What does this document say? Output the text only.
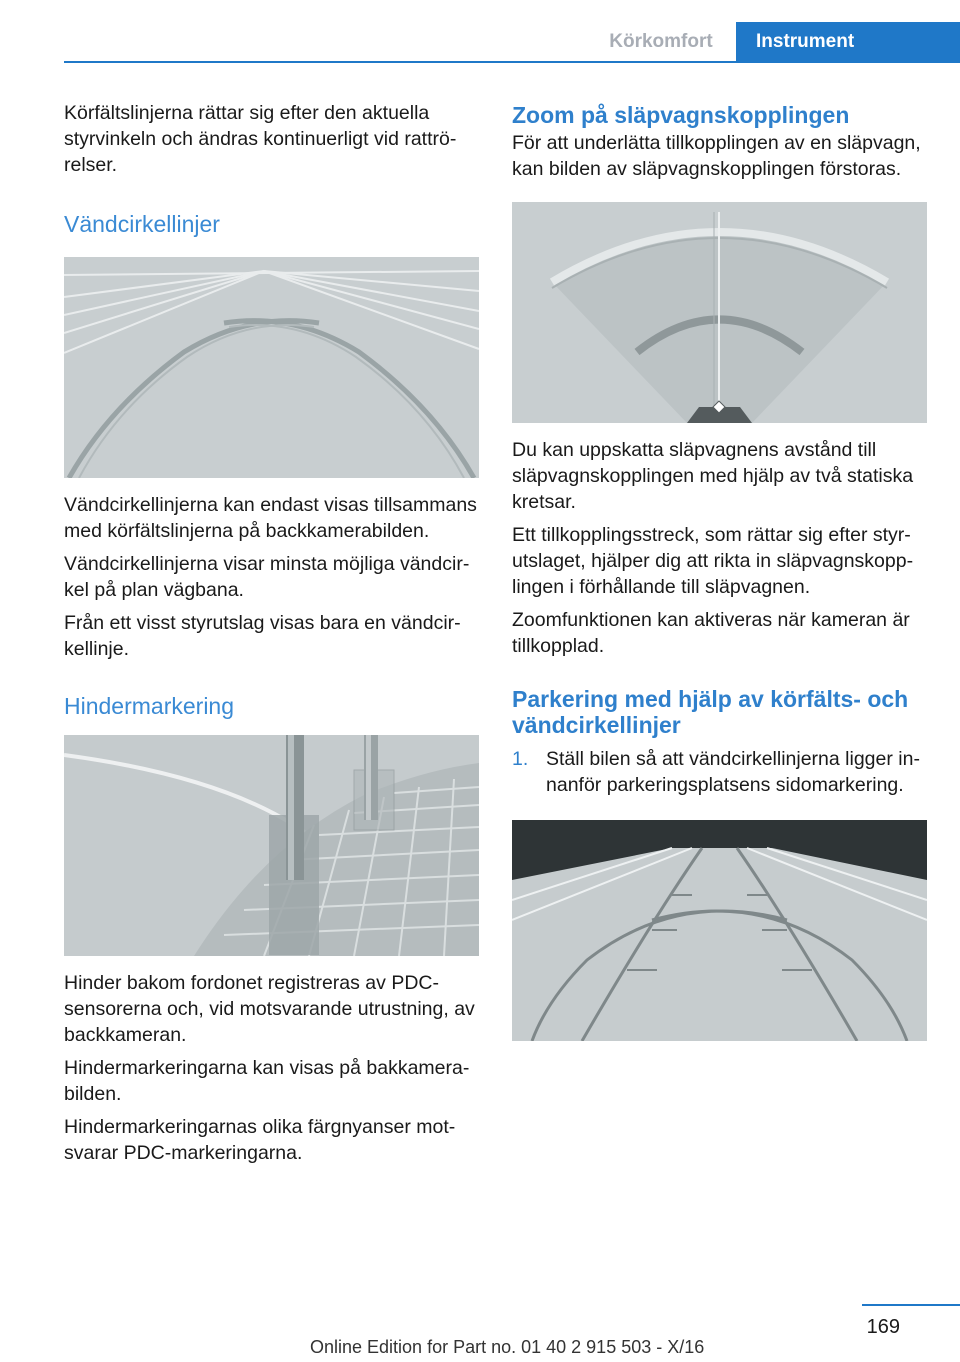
Körkomfort	Instrument

Körfältslinjerna rättar sig efter den aktuella styrvinkeln och ändras kontinuerligt vid rattrörelser.

Vändcirkellinjer

Vändcirkellinjerna kan endast visas tillsammans med körfältslinjerna på backkamerabilden.

Vändcirkellinjerna visar minsta möjliga vändcirkel på plan vägbana.

Från ett visst styrutslag visas bara en vändcirkellinje.

Hindermarkering

Hinder bakom fordonet registreras av PDC-sensorerna och, vid motsvarande utrustning, av backkameran.

Hindermarkeringarna kan visas på bakkamerabilden.

Hindermarkeringarnas olika färgnyanser motsvarar PDC-markeringarna.

Zoom på släpvagnskopplingen

För att underlätta tillkopplingen av en släpvagn, kan bilden av släpvagnskopplingen förstoras.

Du kan uppskatta släpvagnens avstånd till släpvagnskopplingen med hjälp av två statiska kretsar.

Ett tillkopplingsstreck, som rättar sig efter styrutslaget, hjälper dig att rikta in släpvagnskopplingen i förhållande till släpvagnen.

Zoomfunktionen kan aktiveras när kameran är tillkopplad.

Parkering med hjälp av körfälts- och vändcirkellinjer
1. Ställ bilen så att vändcirkellinjerna ligger innanför parkeringsplatsens sidomarkering.
169
Online Edition for Part no. 01 40 2 915 503 - X/16
